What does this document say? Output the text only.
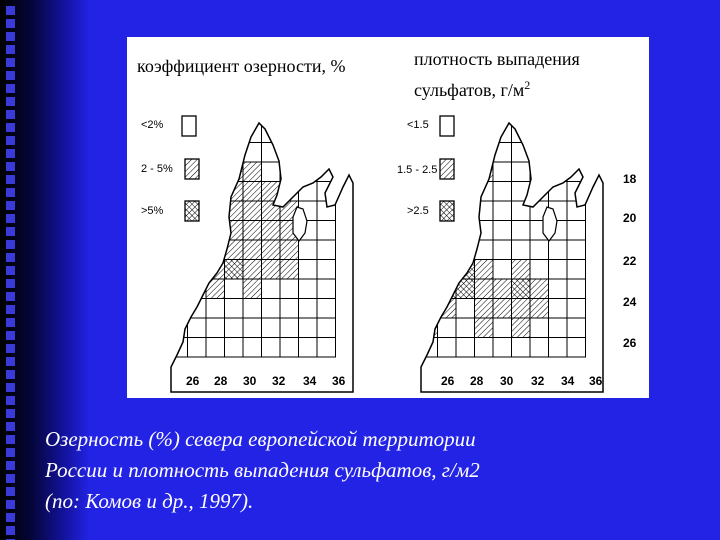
коэффициент озерности, %
<2%
2 - 5%
>5%
26 28 30 32 34 36
плотность выпадения
сульфатов, $г/м^2$
<1.5
1.5 - 2.5
>2.5
26 28 30 32 34 36
18
20
22
24
26
Озерность (%) севера европейской территории
России и плотность выпадения сульфатов, г/м2
(по: Комов и др., 1997).
